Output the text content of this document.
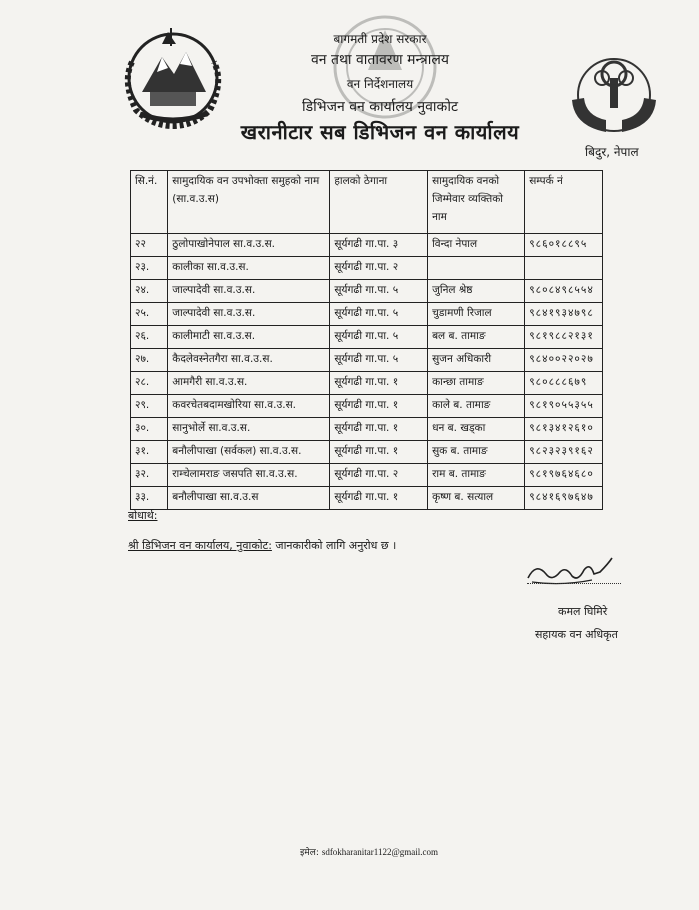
बागमती प्रदेश सरकार
वन तथा वातावरण मन्त्रालय
वन निर्देशनालय
डिभिजन वन कार्यालय नुवाकोट
खरानीटार सब डिभिजन वन कार्यालय
बिदुर, नेपाल
सि.नं.	सामुदायिक वन उपभोक्ता समुहको नाम (सा.व.उ.स)	हालको ठेगाना	सामुदायिक वनको जिम्मेवार व्यक्तिको नाम	सम्पर्क नं
२२	ठुलोपाखोनेपाल सा.व.उ.स.	सूर्यगढी गा.पा. ३	विन्दा नेपाल	९८६०१८८९५
२३.	कालीका सा.व.उ.स.	सूर्यगढी गा.पा. २		
२४.	जाल्पादेवी सा.व.उ.स.	सूर्यगढी गा.पा. ५	जुनिल श्रेष्ठ	९८०८४९८५५४
२५.	जाल्पादेवी सा.व.उ.स.	सूर्यगढी गा.पा. ५	चुडामणी रिजाल	९८४१९३४७९८
२६.	कालीमाटी सा.व.उ.स.	सूर्यगढी गा.पा. ५	बल ब. तामाङ	९८१९८८२१३१
२७.	कैदलेवस्नेतगैरा सा.व.उ.स.	सूर्यगढी गा.पा. ५	सुजन अधिकारी	९८४००२२०२७
२८.	आमगैरी सा.व.उ.स.	सूर्यगढी गा.पा. १	कान्छा तामाङ	९८०८८८६७९
२९.	कवरचेतबदामखोरिया सा.व.उ.स.	सूर्यगढी गा.पा. १	काले ब. तामाङ	९८१९०५५३५५
३०.	सानुभोर्ले सा.व.उ.स.	सूर्यगढी गा.पा. १	धन ब. खड्का	९८१३४१२६१०
३१.	बनौलीपाखा (सर्वकल) सा.व.उ.स.	सूर्यगढी गा.पा. १	सुक ब. तामाङ	९८२३२३९१६२
३२.	राम्चेलामराङ जसपति सा.व.उ.स.	सूर्यगढी गा.पा. २	राम ब. तामाङ	९८१९७६४६८०
३३.	बनौलीपाखा सा.व.उ.स	सूर्यगढी गा.पा. १	कृष्ण ब. सत्याल	९८४१६९७६४७
बोधार्थ:
श्री डिभिजन वन कार्यालय, नुवाकोट: जानकारीको लागि अनुरोध छ ।
कमल घिमिरे
सहायक वन अधिकृत
इमेल: sdfokharanitar1122@gmail.com
